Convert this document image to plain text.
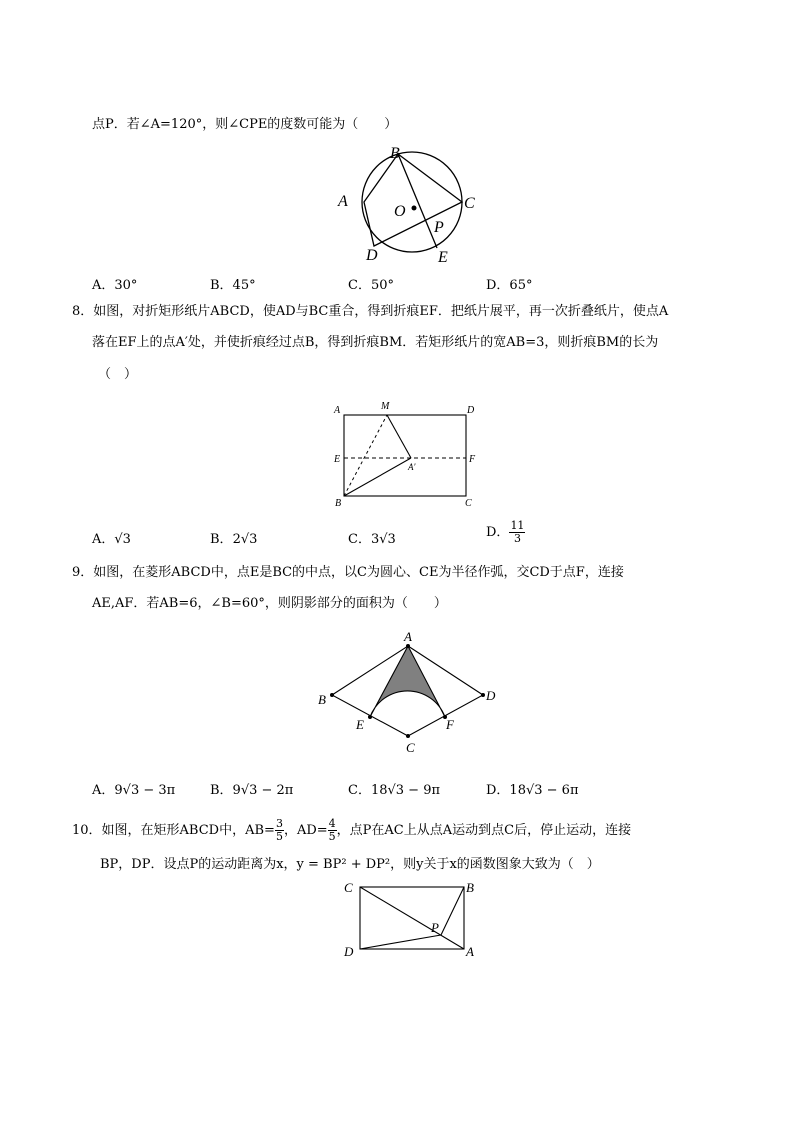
点P．若∠A=120°，则∠CPE的度数可能为（　　）
B
A	C
D	E
O
P
A．30°	B．45°	C．50°	D．65°
8．如图，对折矩形纸片ABCD，使AD与BC重合，得到折痕EF．把纸片展平，再一次折叠纸片，使点A
落在EF上的点A′处，并使折痕经过点B，得到折痕BM．若矩形纸片的宽AB=3，则折痕BM的长为
（　）
A	M	D
E	F
A′
B	C
A．√3	B．2√3	C．3√3	D． $\frac{11}{3}$
9．如图，在菱形ABCD中，点E是BC的中点，以C为圆心、CE为半径作弧，交CD于点F，连接
AE,AF．若AB=6，∠B=60°，则阴影部分的面积为（　　）
A
B	D
C
E	F
A．9√3 − 3π	B．9√3 − 2π	C．18√3 − 9π	D．18√3 − 6π
10．如图，在矩形ABCD中，$AB= \frac{3}{5}$ ，$AD= \frac{4}{5}$ ，点P在AC上从点A运动到点C后，停止运动，连接
BP，DP．设点P的运动距离为x，y = BP² + DP²，则y关于x的函数图象大致为（　）
C	B
D	A
P
